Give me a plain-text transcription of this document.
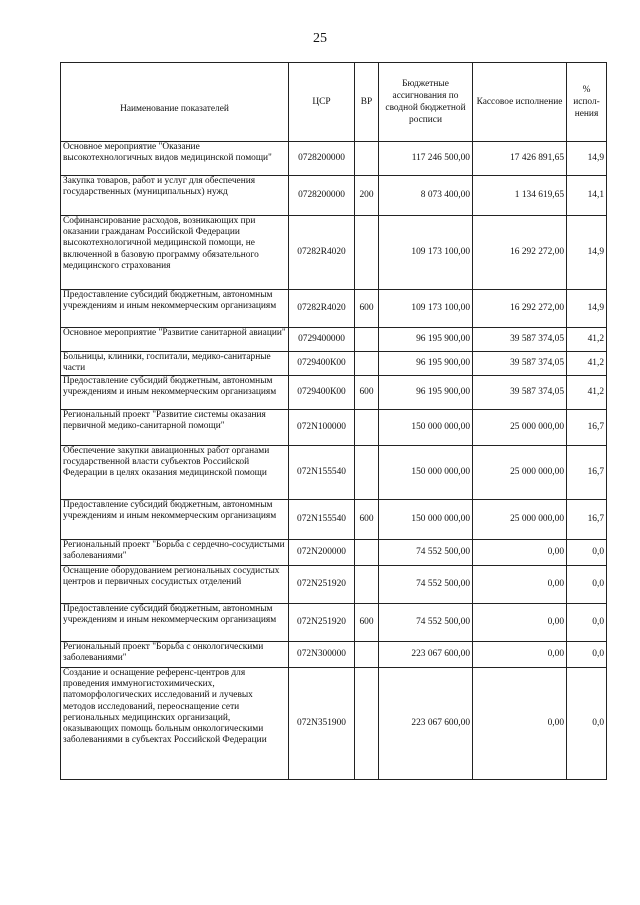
25
Наименование показателей	ЦСР	ВР	Бюджетные ассигнования по сводной бюджетной росписи	Кассовое исполнение	% испол-нения
Основное мероприятие "Оказание высокотехнологичных видов медицинской помощи"	0728200000		117 246 500,00	17 426 891,65	14,9
Закупка товаров, работ и услуг для обеспечения государственных (муниципальных) нужд	0728200000	200	8 073 400,00	1 134 619,65	14,1
Софинансирование расходов, возникающих при оказании гражданам Российской Федерации высокотехнологичной медицинской помощи, не включенной в базовую программу обязательного медицинского страхования	07282R4020		109 173 100,00	16 292 272,00	14,9
Предоставление субсидий бюджетным, автономным учреждениям и иным некоммерческим организациям	07282R4020	600	109 173 100,00	16 292 272,00	14,9
Основное мероприятие "Развитие санитарной авиации"	0729400000		96 195 900,00	39 587 374,05	41,2
Больницы, клиники, госпитали, медико-санитарные части	0729400К00		96 195 900,00	39 587 374,05	41,2
Предоставление субсидий бюджетным, автономным учреждениям и иным некоммерческим организациям	0729400К00	600	96 195 900,00	39 587 374,05	41,2
Региональный проект "Развитие системы оказания первичной медико-санитарной помощи"	072N100000		150 000 000,00	25 000 000,00	16,7
Обеспечение закупки авиационных работ органами государственной власти субъектов Российской Федерации в целях оказания медицинской помощи	072N155540		150 000 000,00	25 000 000,00	16,7
Предоставление субсидий бюджетным, автономным учреждениям и иным некоммерческим организациям	072N155540	600	150 000 000,00	25 000 000,00	16,7
Региональный проект "Борьба с сердечно-сосудистыми заболеваниями"	072N200000		74 552 500,00	0,00	0,0
Оснащение оборудованием региональных сосудистых центров и первичных сосудистых отделений	072N251920		74 552 500,00	0,00	0,0
Предоставление субсидий бюджетным, автономным учреждениям и иным некоммерческим организациям	072N251920	600	74 552 500,00	0,00	0,0
Региональный проект "Борьба с онкологическими заболеваниями"	072N300000		223 067 600,00	0,00	0,0
Создание и оснащение референс-центров для проведения иммуногистохимических, патоморфологических исследований и лучевых методов исследований, переоснащение сети региональных медицинских организаций, оказывающих помощь больным онкологическими заболеваниями в субъектах Российской Федерации	072N351900		223 067 600,00	0,00	0,0
